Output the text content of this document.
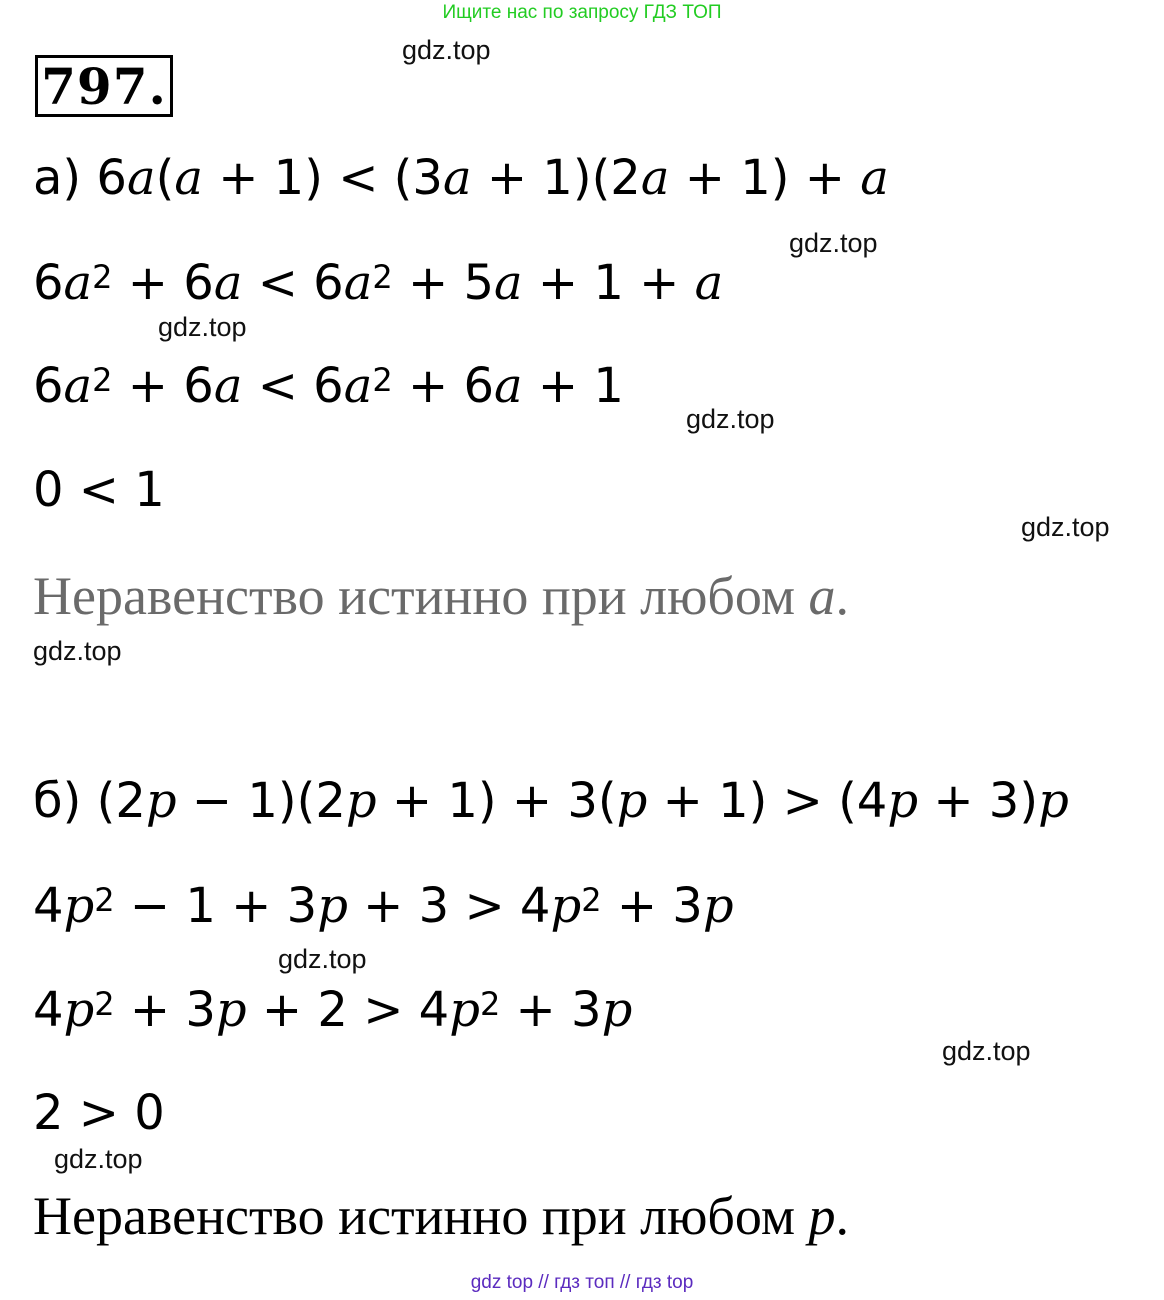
Ищите нас по запросу ГДЗ ТОП
797.
а) 6a(a + 1) < (3a + 1)(2a + 1) + a
$6a^2 + 6a < 6a^2 + 5a + 1 + a$
$6a^2 + 6a < 6a^2 + 6a + 1$
0 < 1
Неравенство истинно при любом a.
б) (2p − 1)(2p + 1) + 3(p + 1) > (4p + 3)p
$4p^2 - 1 + 3p + 3 > 4p^2 + 3p$
$4p^2 + 3p + 2 > 4p^2 + 3p$
2 > 0
Неравенство истинно при любом p.
gdz.top
gdz.top
gdz.top
gdz.top
gdz.top
gdz.top
gdz.top
gdz.top
gdz.top
gdz top // гдз топ // гдз top
